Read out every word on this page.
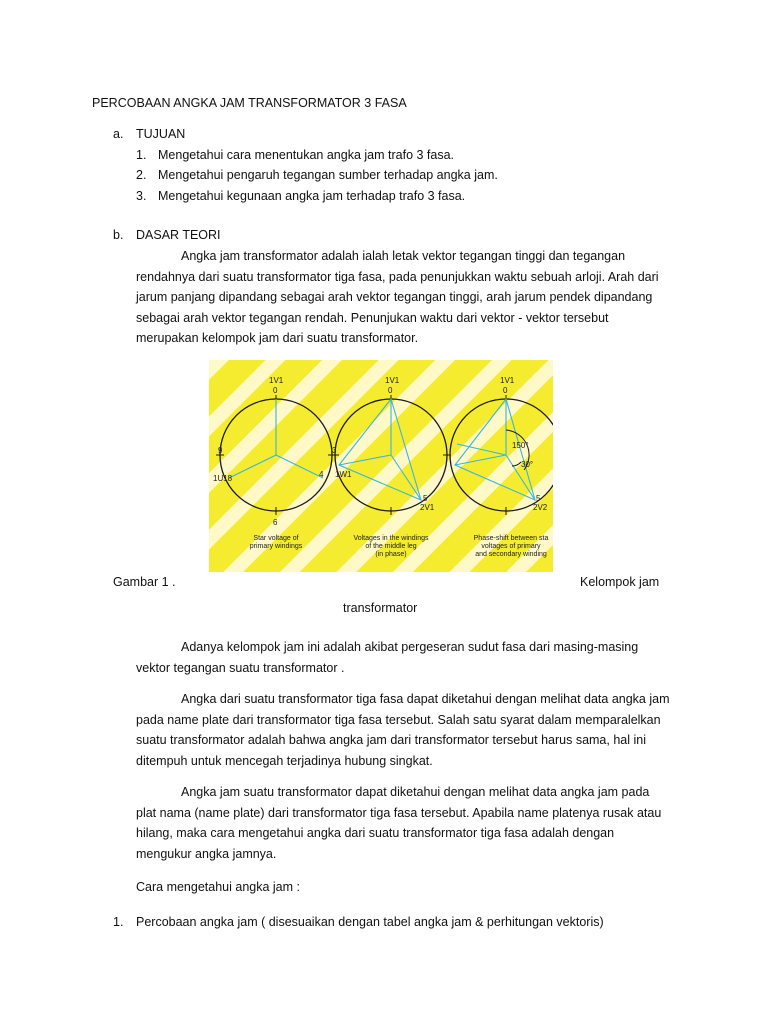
PERCOBAAN ANGKA JAM TRANSFORMATOR 3 FASA
a. TUJUAN
1. Mengetahui cara menentukan angka jam trafo 3 fasa.
2. Mengetahui pengaruh tegangan sumber terhadap angka jam.
3. Mengetahui kegunaan angka jam terhadap trafo 3 fasa.
b. DASAR TEORI
Angka jam transformator adalah ialah letak vektor tegangan tinggi dan tegangan
rendahnya dari suatu transformator tiga fasa, pada penunjukkan waktu sebuah arloji. Arah dari
jarum panjang dipandang sebagai arah vektor tegangan tinggi, arah jarum pendek dipandang
sebagai arah vektor tegangan rendah. Penunjukan waktu dari vektor - vektor tersebut
merupakan kelompok jam dari suatu transformator.
1V1
0
9
4
1U18
6
1V1
0
3
1W1
5
2V1
1V1
0
150°
30°
5
2V2
Star voltage of
primary windings
Voltages in the windings
of the middle leg
(in phase)
Phase-shift between sta
voltages of primary
and secondary winding
Gambar 1 .	Kelompok jam
transformator
Adanya kelompok jam ini adalah akibat pergeseran sudut fasa dari masing-masing
vektor tegangan suatu transformator .
Angka dari suatu transformator tiga fasa dapat diketahui dengan melihat data angka jam
pada name plate dari transformator tiga fasa tersebut. Salah satu syarat dalam memparalelkan
suatu transformator adalah bahwa angka jam dari transformator tersebut harus sama, hal ini
ditempuh untuk mencegah terjadinya hubung singkat.
Angka jam suatu transformator dapat diketahui dengan melihat data angka jam pada
plat nama (name plate) dari transformator tiga fasa tersebut. Apabila name platenya rusak atau
hilang, maka cara mengetahui angka dari suatu transformator tiga fasa adalah dengan
mengukur angka jamnya.
Cara mengetahui angka jam :
1. Percobaan angka jam ( disesuaikan dengan tabel angka jam & perhitungan vektoris)
